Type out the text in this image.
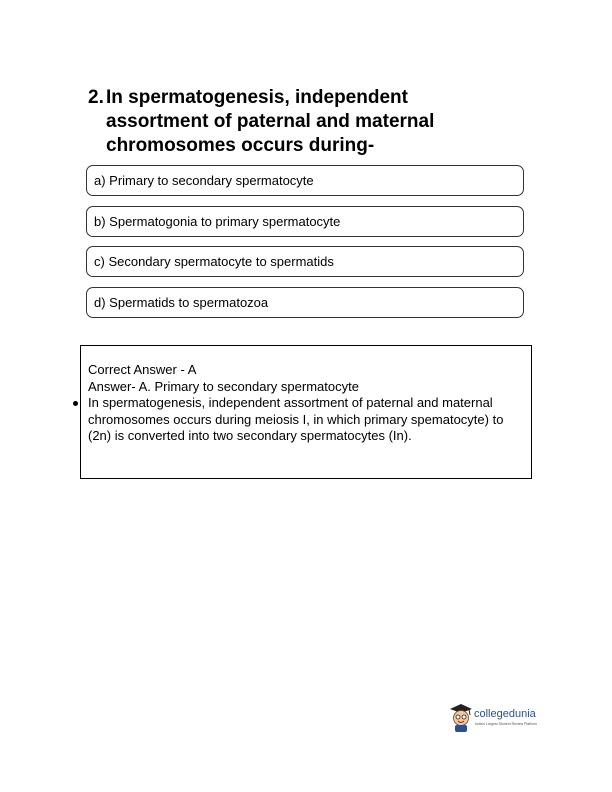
2. In spermatogenesis, independent assortment of paternal and maternal chromosomes occurs during-
a) Primary to secondary spermatocyte
b) Spermatogonia to primary spermatocyte
c) Secondary spermatocyte to spermatids
d) Spermatids to spermatozoa
Correct Answer - A
Answer- A. Primary to secondary spermatocyte
In spermatogenesis, independent assortment of paternal and maternal chromosomes occurs during meiosis I, in which primary spematocyte) to (2n) is converted into two secondary spermatocytes (In).
collegedunia
India's Largest Student Review Platform
